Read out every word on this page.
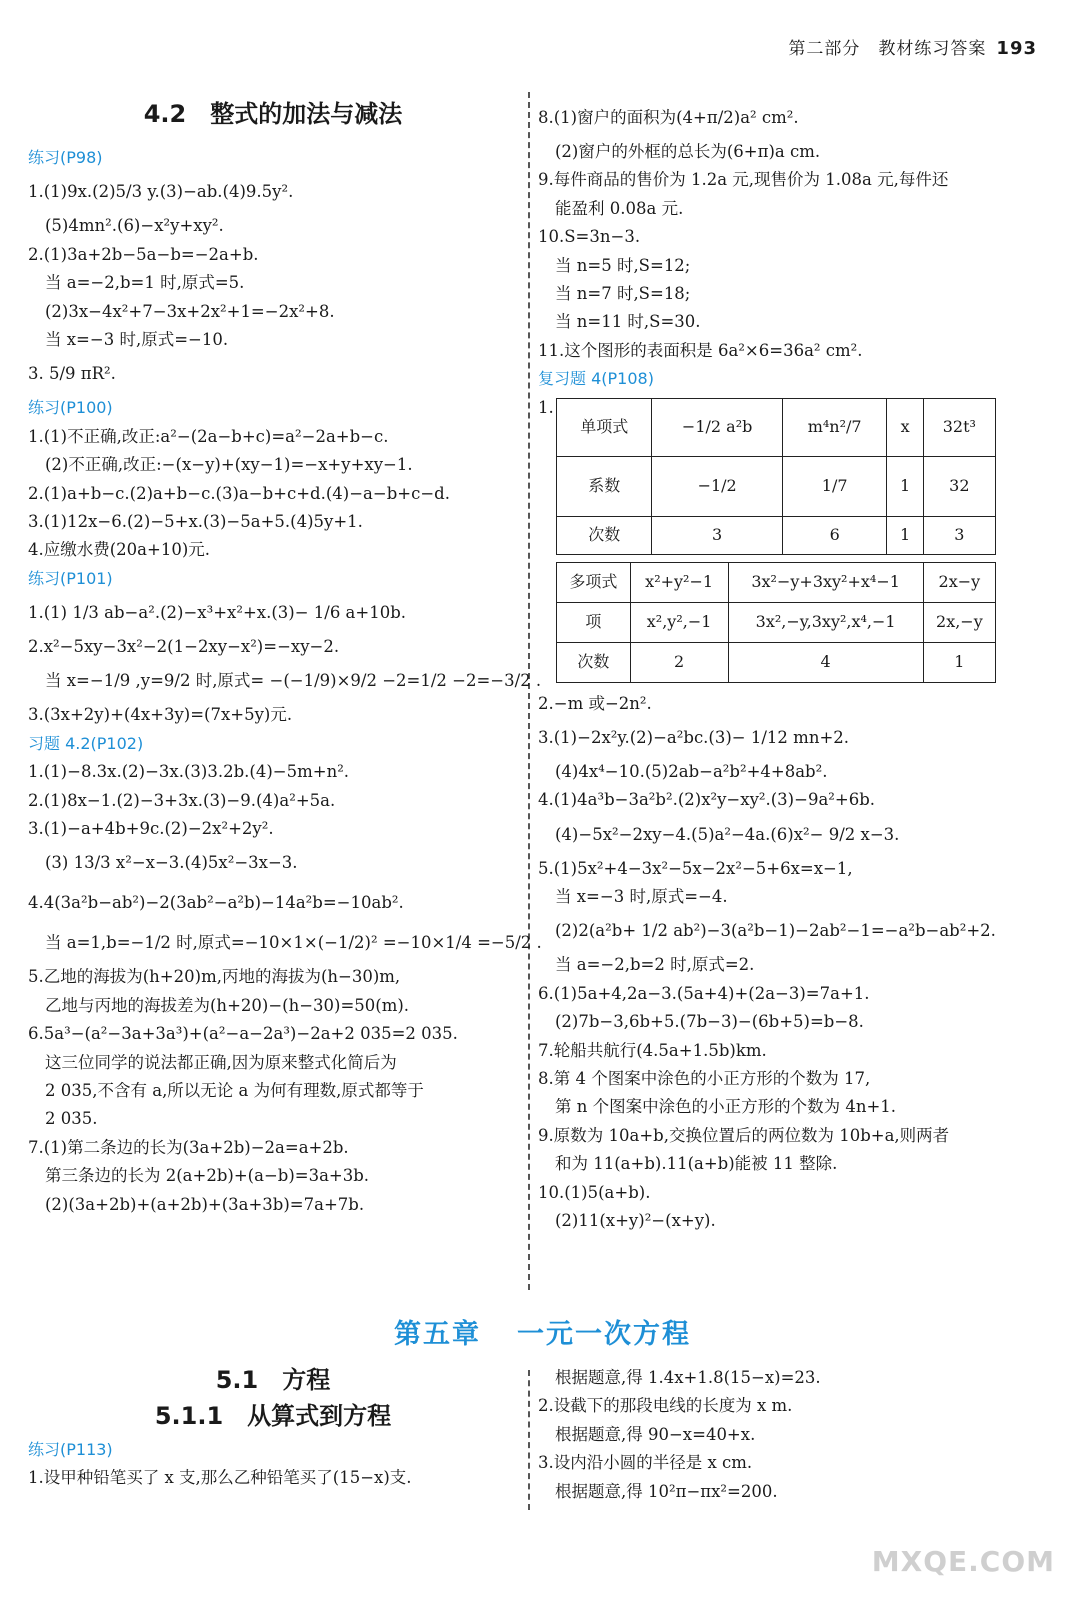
第二部分　教材练习答案 193
4.2　整式的加法与减法
练习(P98)
1.(1)9x.(2)5/3 y.(3)−ab.(4)9.5y².
(5)4mn².(6)−x²y+xy².
2.(1)3a+2b−5a−b=−2a+b.
当 a=−2,b=1 时,原式=5.
(2)3x−4x²+7−3x+2x²+1=−2x²+8.
当 x=−3 时,原式=−10.
3. 5/9 πR².
练习(P100)
1.(1)不正确,改正:a²−(2a−b+c)=a²−2a+b−c.
(2)不正确,改正:−(x−y)+(xy−1)=−x+y+xy−1.
2.(1)a+b−c.(2)a+b−c.(3)a−b+c+d.(4)−a−b+c−d.
3.(1)12x−6.(2)−5+x.(3)−5a+5.(4)5y+1.
4.应缴水费(20a+10)元.
练习(P101)
1.(1) 1/3 ab−a².(2)−x³+x²+x.(3)− 1/6 a+10b.
2.x²−5xy−3x²−2(1−2xy−x²)=−xy−2.
当 x=−1/9 ,y=9/2 时,原式= −(−1/9)×9/2 −2=1/2 −2=−3/2 .
3.(3x+2y)+(4x+3y)=(7x+5y)元.
习题 4.2(P102)
1.(1)−8.3x.(2)−3x.(3)3.2b.(4)−5m+n².
2.(1)8x−1.(2)−3+3x.(3)−9.(4)a²+5a.
3.(1)−a+4b+9c.(2)−2x²+2y².
(3) 13/3 x²−x−3.(4)5x²−3x−3.
4.4(3a²b−ab²)−2(3ab²−a²b)−14a²b=−10ab².
当 a=1,b=−1/2 时,原式=−10×1×(−1/2)² =−10×1/4 =−5/2 .
5.乙地的海拔为(h+20)m,丙地的海拔为(h−30)m,
乙地与丙地的海拔差为(h+20)−(h−30)=50(m).
6.5a³−(a²−3a+3a³)+(a²−a−2a³)−2a+2 035=2 035.
这三位同学的说法都正确,因为原来整式化简后为
2 035,不含有 a,所以无论 a 为何有理数,原式都等于
2 035.
7.(1)第二条边的长为(3a+2b)−2a=a+2b.
第三条边的长为 2(a+2b)+(a−b)=3a+3b.
(2)(3a+2b)+(a+2b)+(3a+3b)=7a+7b.
8.(1)窗户的面积为(4+π/2)a² cm².
(2)窗户的外框的总长为(6+π)a cm.
9.每件商品的售价为 1.2a 元,现售价为 1.08a 元,每件还
能盈利 0.08a 元.
10.S=3n−3.
当 n=5 时,S=12;
当 n=7 时,S=18;
当 n=11 时,S=30.
11.这个图形的表面积是 6a²×6=36a² cm².
复习题 4(P108)
1.
单项式	−1/2 a²b	m⁴n²/7	x	32t³
系数	−1/2	1/7	1	32
次数	3	6	1	3
多项式	x²+y²−1	3x²−y+3xy²+x⁴−1	2x−y
项	x²,y²,−1	3x²,−y,3xy²,x⁴,−1	2x,−y
次数	2	4	1
2.−m 或−2n².
3.(1)−2x²y.(2)−a²bc.(3)− 1/12 mn+2.
(4)4x⁴−10.(5)2ab−a²b²+4+8ab².
4.(1)4a³b−3a²b².(2)x²y−xy².(3)−9a²+6b.
(4)−5x²−2xy−4.(5)a²−4a.(6)x²− 9/2 x−3.
5.(1)5x²+4−3x²−5x−2x²−5+6x=x−1,
当 x=−3 时,原式=−4.
(2)2(a²b+ 1/2 ab²)−3(a²b−1)−2ab²−1=−a²b−ab²+2.
当 a=−2,b=2 时,原式=2.
6.(1)5a+4,2a−3.(5a+4)+(2a−3)=7a+1.
(2)7b−3,6b+5.(7b−3)−(6b+5)=b−8.
7.轮船共航行(4.5a+1.5b)km.
8.第 4 个图案中涂色的小正方形的个数为 17,
第 n 个图案中涂色的小正方形的个数为 4n+1.
9.原数为 10a+b,交换位置后的两位数为 10b+a,则两者
和为 11(a+b).11(a+b)能被 11 整除.
10.(1)5(a+b).
(2)11(x+y)²−(x+y).
第五章 一元一次方程
5.1　方程
5.1.1　从算式到方程
练习(P113)
1.设甲种铅笔买了 x 支,那么乙种铅笔买了(15−x)支.
根据题意,得 1.4x+1.8(15−x)=23.
2.设截下的那段电线的长度为 x m.
根据题意,得 90−x=40+x.
3.设内沿小圆的半径是 x cm.
根据题意,得 10²π−πx²=200.
MXQE.COM
